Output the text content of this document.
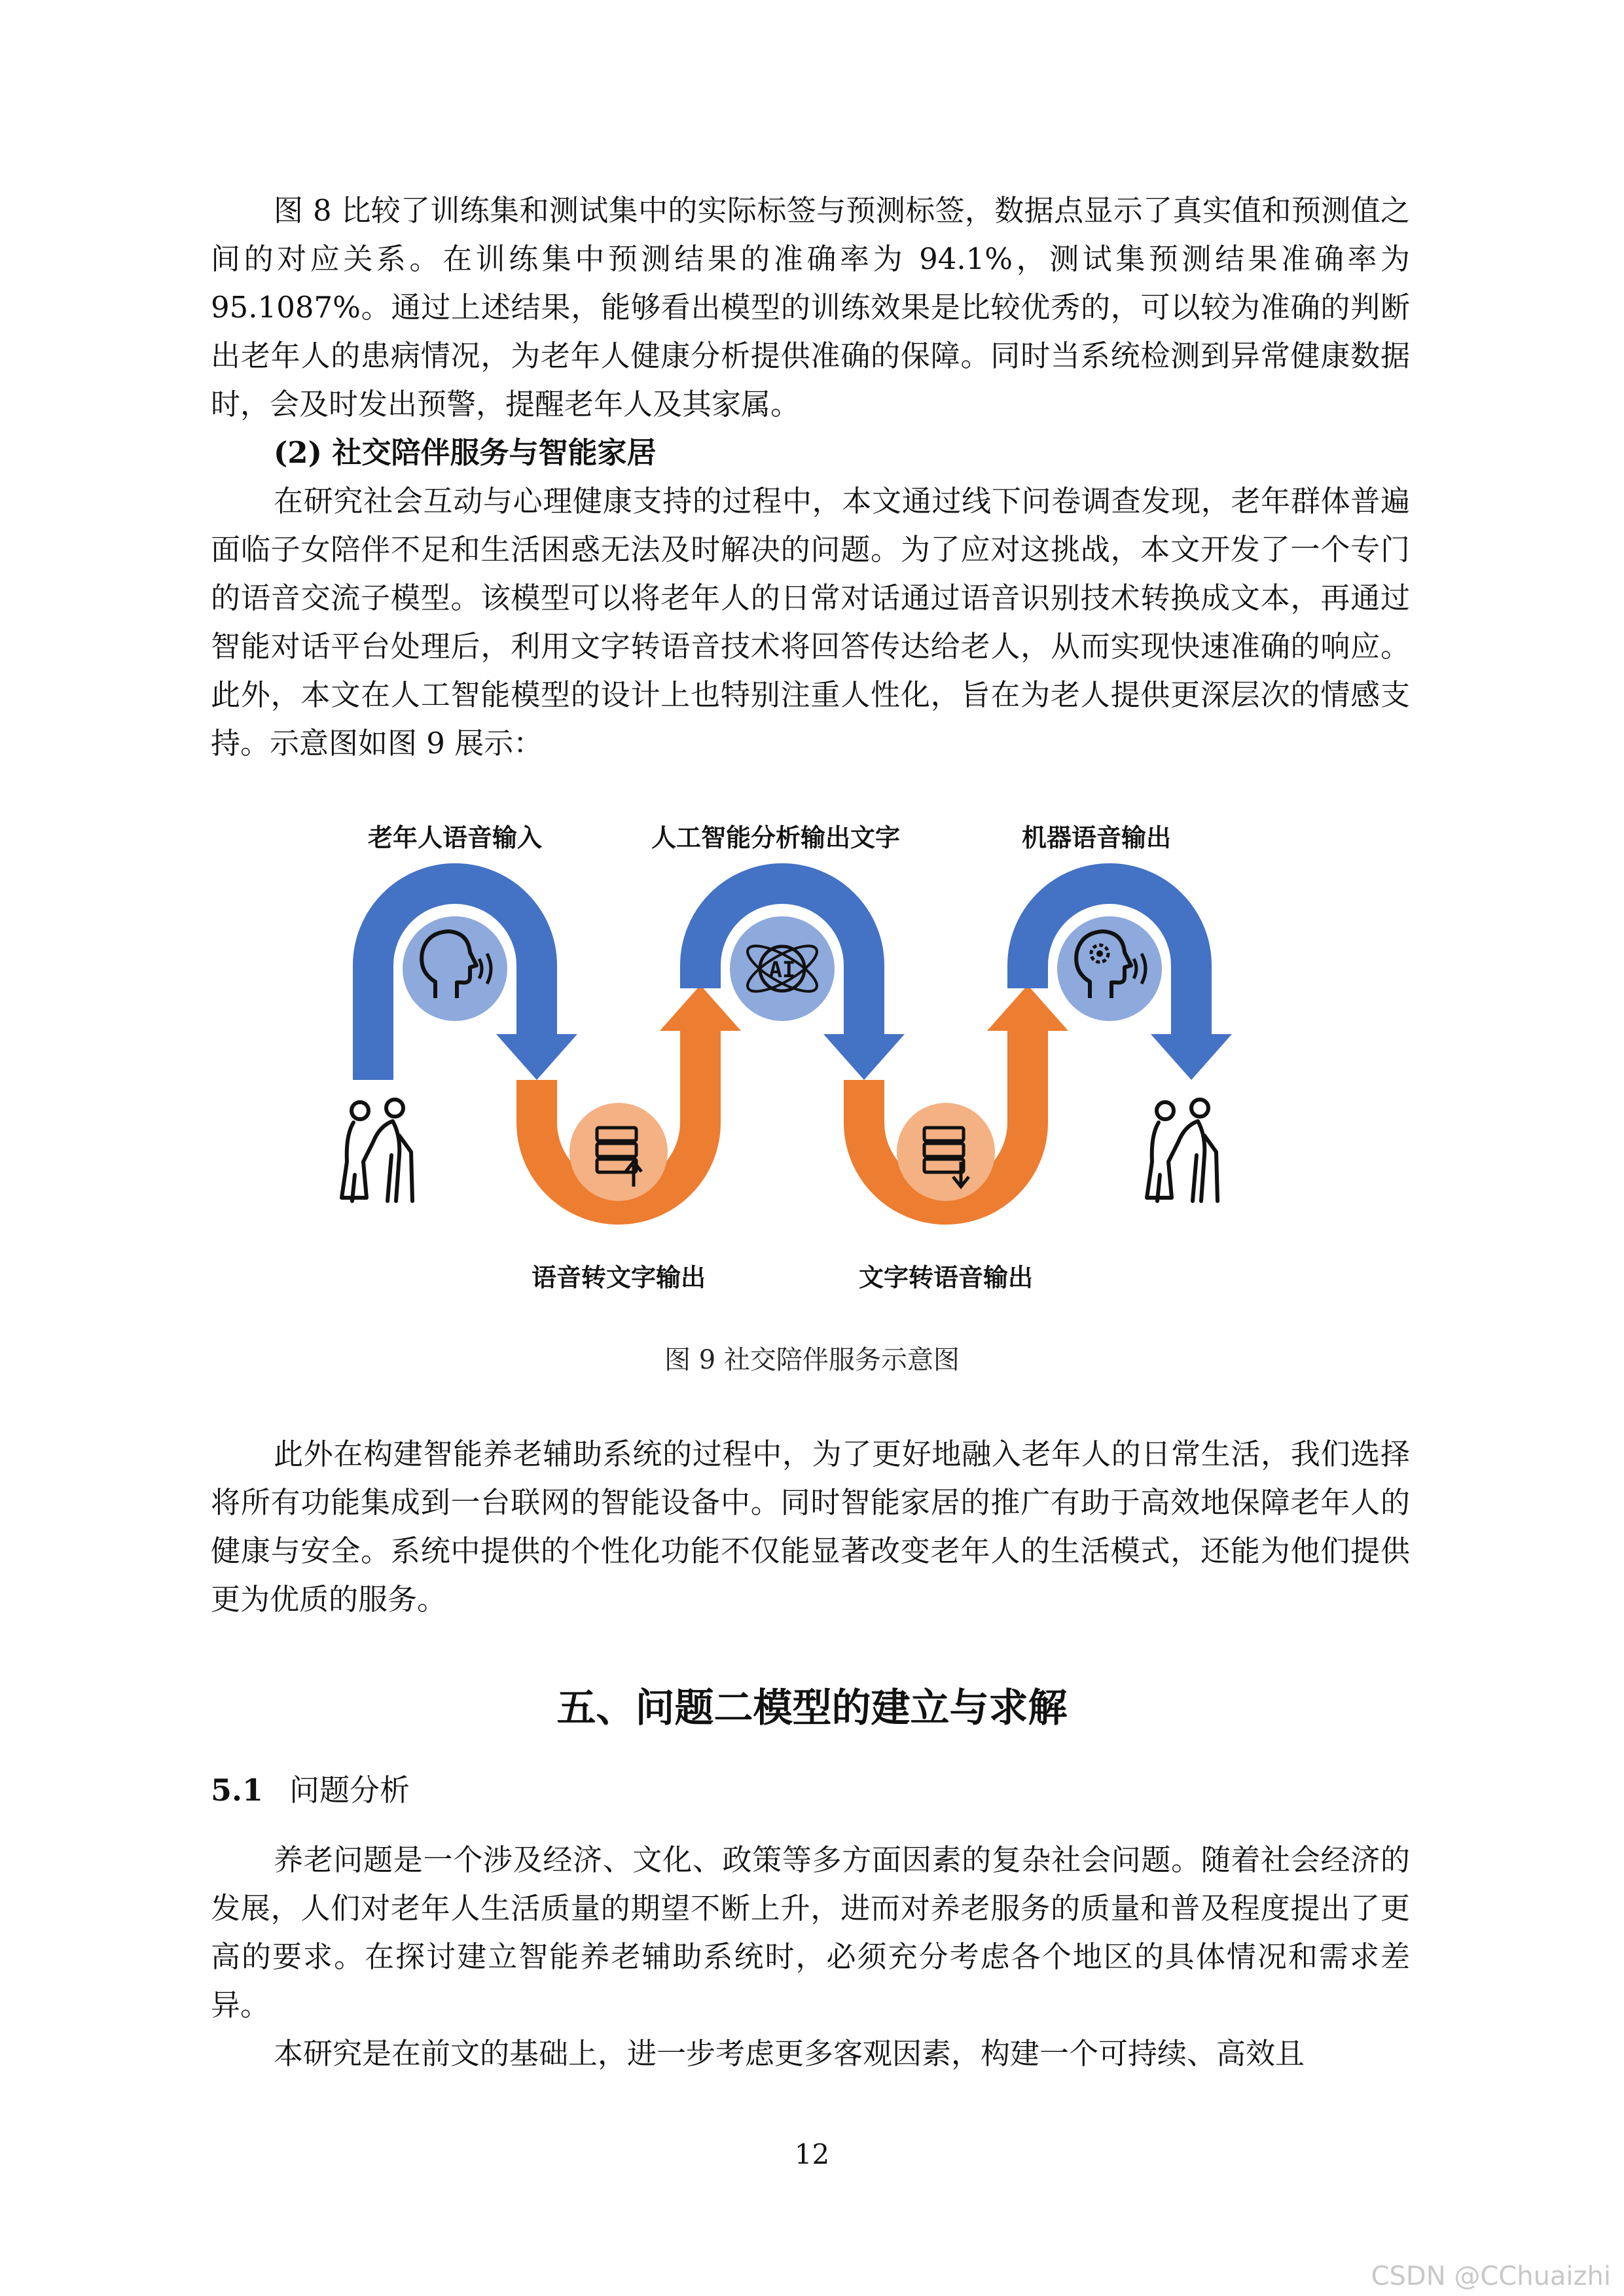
图 8 比较了训练集和测试集中的实际标签与预测标签，数据点显示了真实值和预测值之间的对应关系。在训练集中预测结果的准确率为 94.1%，测试集预测结果准确率为 95.1087%。通过上述结果，能够看出模型的训练效果是比较优秀的，可以较为准确的判断出老年人的患病情况，为老年人健康分析提供准确的保障。同时当系统检测到异常健康数据时，会及时发出预警，提醒老年人及其家属。

(2) 社交陪伴服务与智能家居

在研究社会互动与心理健康支持的过程中，本文通过线下问卷调查发现，老年群体普遍面临子女陪伴不足和生活困惑无法及时解决的问题。为了应对这挑战，本文开发了一个专门的语音交流子模型。该模型可以将老年人的日常对话通过语音识别技术转换成文本，再通过智能对话平台处理后，利用文字转语音技术将回答传达给老人，从而实现快速准确的响应。此外，本文在人工智能模型的设计上也特别注重人性化，旨在为老人提供更深层次的情感支持。示意图如图 9 展示：

老年人语音输入	人工智能分析输出文字	机器语音输出
AI
语音转文字输出	文字转语音输出
图 9 社交陪伴服务示意图

此外在构建智能养老辅助系统的过程中，为了更好地融入老年人的日常生活，我们选择将所有功能集成到一台联网的智能设备中。同时智能家居的推广有助于高效地保障老年人的健康与安全。系统中提供的个性化功能不仅能显著改变老年人的生活模式，还能为他们提供更为优质的服务。

五、问题二模型的建立与求解
5.1 问题分析

养老问题是一个涉及经济、文化、政策等多方面因素的复杂社会问题。随着社会经济的发展，人们对老年人生活质量的期望不断上升，进而对养老服务的质量和普及程度提出了更高的要求。在探讨建立智能养老辅助系统时，必须充分考虑各个地区的具体情况和需求差异。

本研究是在前文的基础上，进一步考虑更多客观因素，构建一个可持续、高效且

12
CSDN @CChuaizhi
